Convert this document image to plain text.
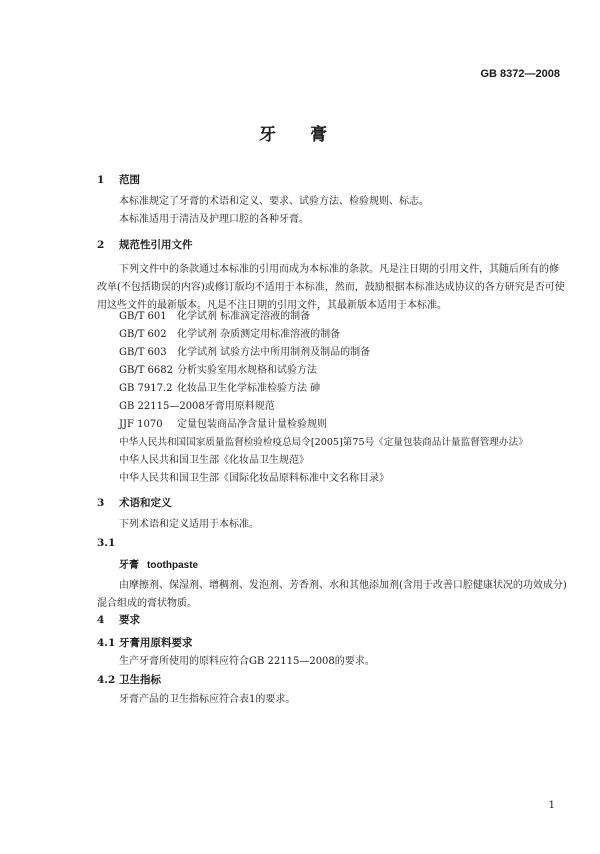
GB 8372—2008
牙 膏
1 范围
本标准规定了牙膏的术语和定义、要求、试验方法、检验规则、标志。
本标准适用于清洁及护理口腔的各种牙膏。
2 规范性引用文件
下列文件中的条款通过本标准的引用而成为本标准的条款。凡是注日期的引用文件，其随后所有的修改单(不包括勘误的内容)或修订版均不适用于本标准，然而，鼓励根据本标准达成协议的各方研究是否可使用这些文件的最新版本。凡是不注日期的引用文件，其最新版本适用于本标准。
GB/T 601 化学试剂 标准滴定溶液的制备
GB/T 602 化学试剂 杂质测定用标准溶液的制备
GB/T 603 化学试剂 试验方法中所用制剂及制品的制备
GB/T 6682 分析实验室用水规格和试验方法
GB 7917.2 化妆品卫生化学标准检验方法 砷
GB 22115—2008牙膏用原料规范
JJF 1070 定量包装商品净含量计量检验规则
中华人民共和国国家质量监督检验检疫总局令[2005]第75号《定量包装商品计量监督管理办法》
中华人民共和国卫生部《化妆品卫生规范》
中华人民共和国卫生部《国际化妆品原料标准中文名称目录》
3 术语和定义
下列术语和定义适用于本标准。
3.1
牙膏 toothpaste
由摩擦剂、保湿剂、增稠剂、发泡剂、芳香剂、水和其他添加剂(含用于改善口腔健康状况的功效成分)混合组成的膏状物质。
4 要求
4.1 牙膏用原料要求
生产牙膏所使用的原料应符合GB 22115—2008的要求。
4.2 卫生指标
牙膏产品的卫生指标应符合表1的要求。
1
